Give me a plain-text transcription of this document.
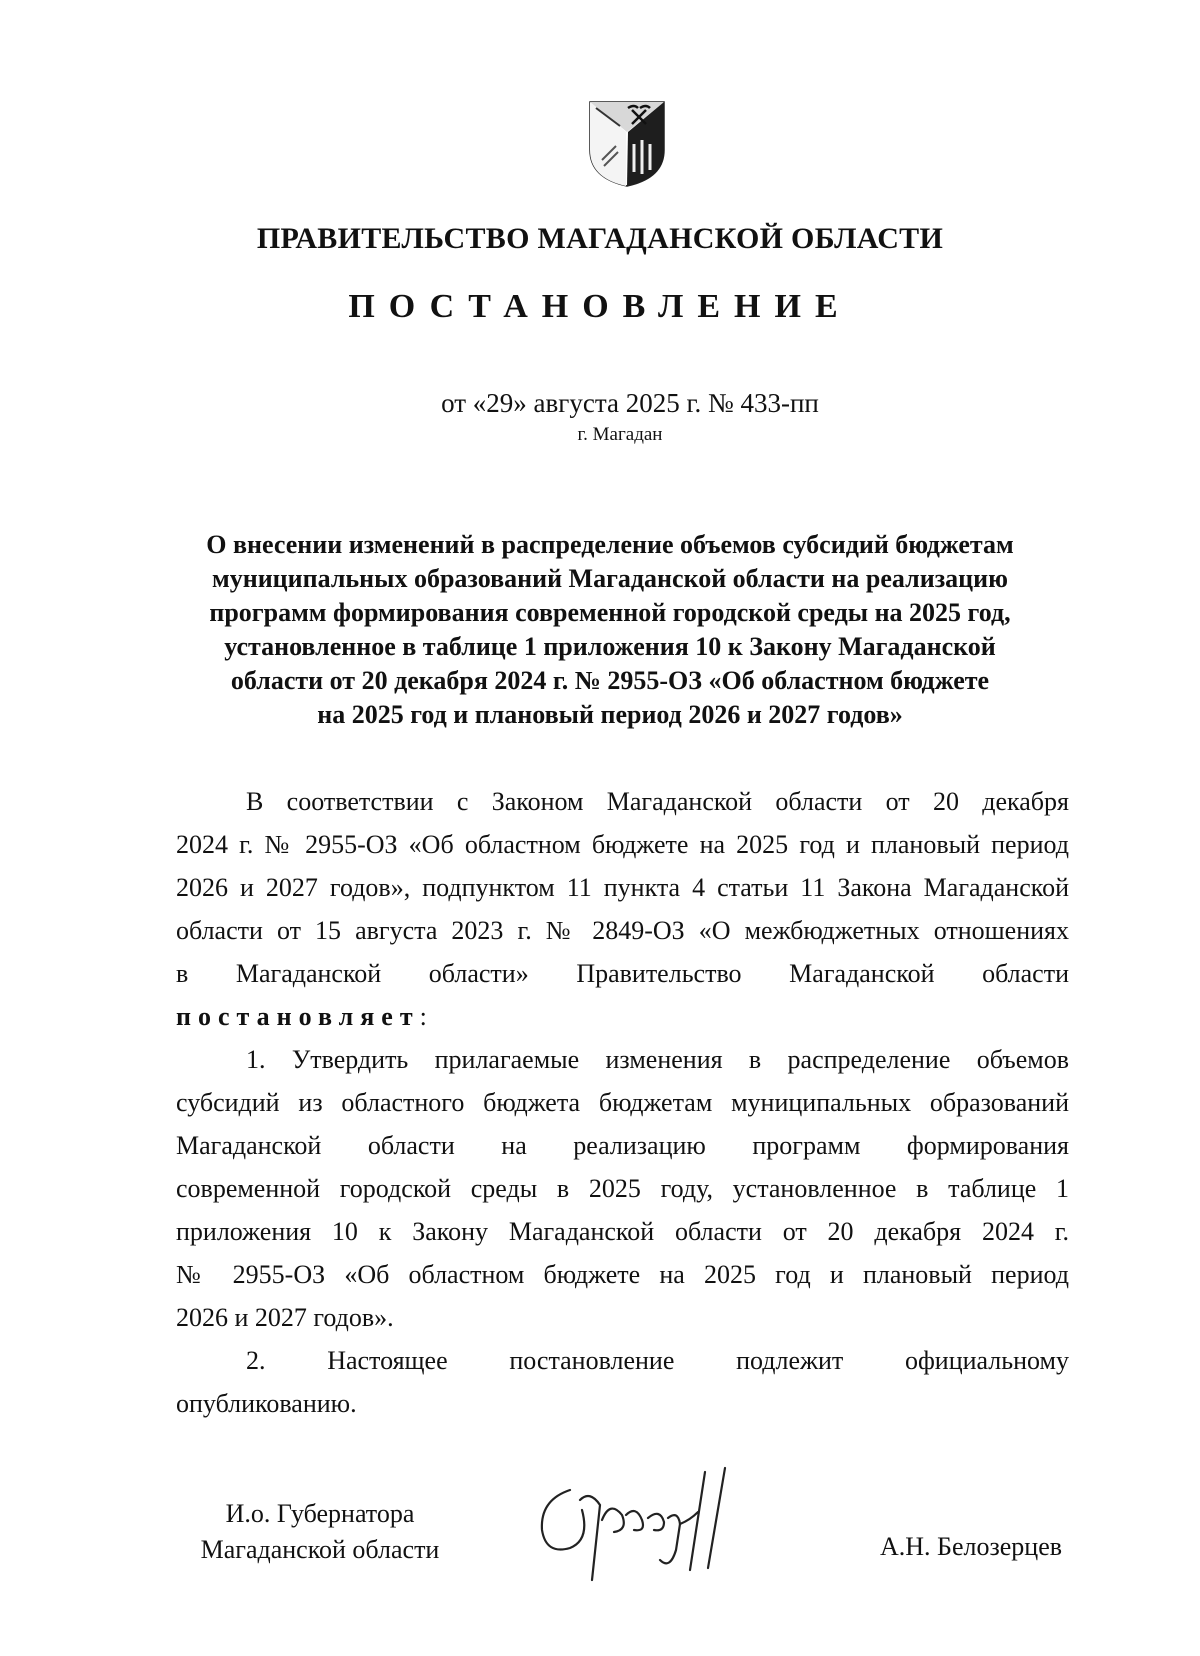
ПРАВИТЕЛЬСТВО МАГАДАНСКОЙ ОБЛАСТИ
ПОСТАНОВЛЕНИЕ
от «29» августа 2025 г. № 433-пп
г. Магадан
О внесении изменений в распределение объемов субсидий бюджетам
муниципальных образований Магаданской области на реализацию
программ формирования современной городской среды на 2025 год,
установленное в таблице 1 приложения 10 к Закону Магаданской
области от 20 декабря 2024 г. № 2955-ОЗ «Об областном бюджете
на 2025 год и плановый период 2026 и 2027 годов»
В соответствии с Законом Магаданской области от 20 декабря
2024 г. № 2955-ОЗ «Об областном бюджете на 2025 год и плановый период
2026 и 2027 годов», подпунктом 11 пункта 4 статьи 11 Закона Магаданской
области от 15 августа 2023 г. № 2849-ОЗ «О межбюджетных отношениях
в Магаданской области» Правительство Магаданской области
постановляет:
1. Утвердить прилагаемые изменения в распределение объемов
субсидий из областного бюджета бюджетам муниципальных образований
Магаданской области на реализацию программ формирования
современной городской среды в 2025 году, установленное в таблице 1
приложения 10 к Закону Магаданской области от 20 декабря 2024 г.
№ 2955-ОЗ «Об областном бюджете на 2025 год и плановый период
2026 и 2027 годов».
2. Настоящее постановление подлежит официальному
опубликованию.
И.о. Губернатора
Магаданской области	А.Н. Белозерцев
